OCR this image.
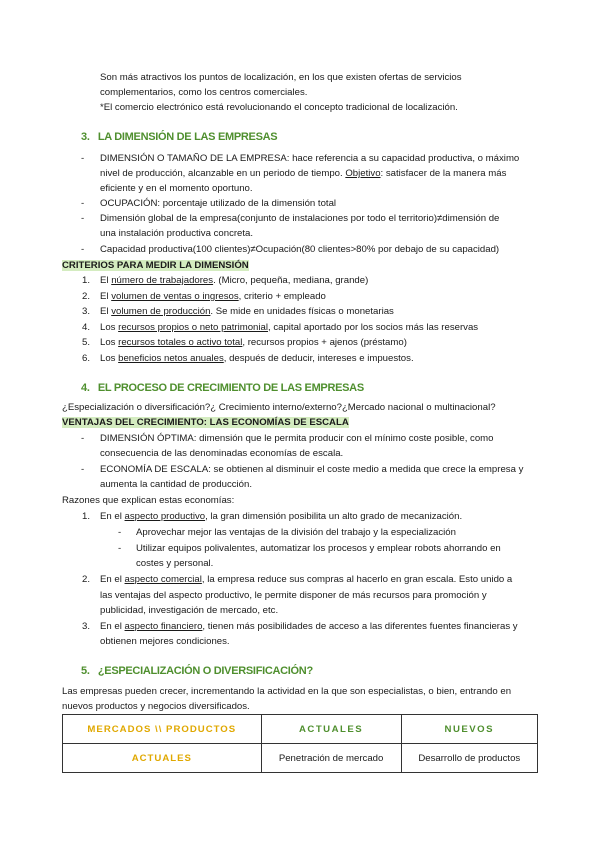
Son más atractivos los puntos de localización, en los que existen ofertas de servicios
complementarios, como los centros comerciales.
*El comercio electrónico está revolucionando el concepto tradicional de localización.
3. LA DIMENSIÓN DE LAS EMPRESAS
- DIMENSIÓN O TAMAÑO DE LA EMPRESA: hace referencia a su capacidad productiva, o máximo
nivel de producción, alcanzable en un periodo de tiempo. Objetivo: satisfacer de la manera más
eficiente y en el momento oportuno.
- OCUPACIÓN: porcentaje utilizado de la dimensión total
- Dimensión global de la empresa(conjunto de instalaciones por todo el territorio)≠dimensión de
una instalación productiva concreta.
- Capacidad productiva(100 clientes)≠Ocupación(80 clientes>80% por debajo de su capacidad)
CRITERIOS PARA MEDIR LA DIMENSIÓN
1. El número de trabajadores. (Micro, pequeña, mediana, grande)
2. El volumen de ventas o ingresos, criterio + empleado
3. El volumen de producción. Se mide en unidades físicas o monetarias
4. Los recursos propios o neto patrimonial, capital aportado por los socios más las reservas
5. Los recursos totales o activo total, recursos propios + ajenos (préstamo)
6. Los beneficios netos anuales, después de deducir, intereses e impuestos.
4. EL PROCESO DE CRECIMIENTO DE LAS EMPRESAS
¿Especialización o diversificación?¿ Crecimiento interno/externo?¿Mercado nacional o multinacional?
VENTAJAS DEL CRECIMIENTO: LAS ECONOMÍAS DE ESCALA
- DIMENSIÓN ÓPTIMA: dimensión que le permita producir con el mínimo coste posible, como
consecuencia de las denominadas economías de escala.
- ECONOMÍA DE ESCALA: se obtienen al disminuir el coste medio a medida que crece la empresa y
aumenta la cantidad de producción.
Razones que explican estas economías:
1. En el aspecto productivo, la gran dimensión posibilita un alto grado de mecanización.
- Aprovechar mejor las ventajas de la división del trabajo y la especialización
- Utilizar equipos polivalentes, automatizar los procesos y emplear robots ahorrando en
costes y personal.
2. En el aspecto comercial, la empresa reduce sus compras al hacerlo en gran escala. Esto unido a
las ventajas del aspecto productivo, le permite disponer de más recursos para promoción y
publicidad, investigación de mercado, etc.
3. En el aspecto financiero, tienen más posibilidades de acceso a las diferentes fuentes financieras y
obtienen mejores condiciones.
5. ¿ESPECIALIZACIÓN O DIVERSIFICACIÓN?
Las empresas pueden crecer, incrementando la actividad en la que son especialistas, o bien, entrando en
nuevos productos y negocios diversificados.
MERCADOS \\ PRODUCTOS	ACTUALES	NUEVOS
ACTUALES	Penetración de mercado	Desarrollo de productos
